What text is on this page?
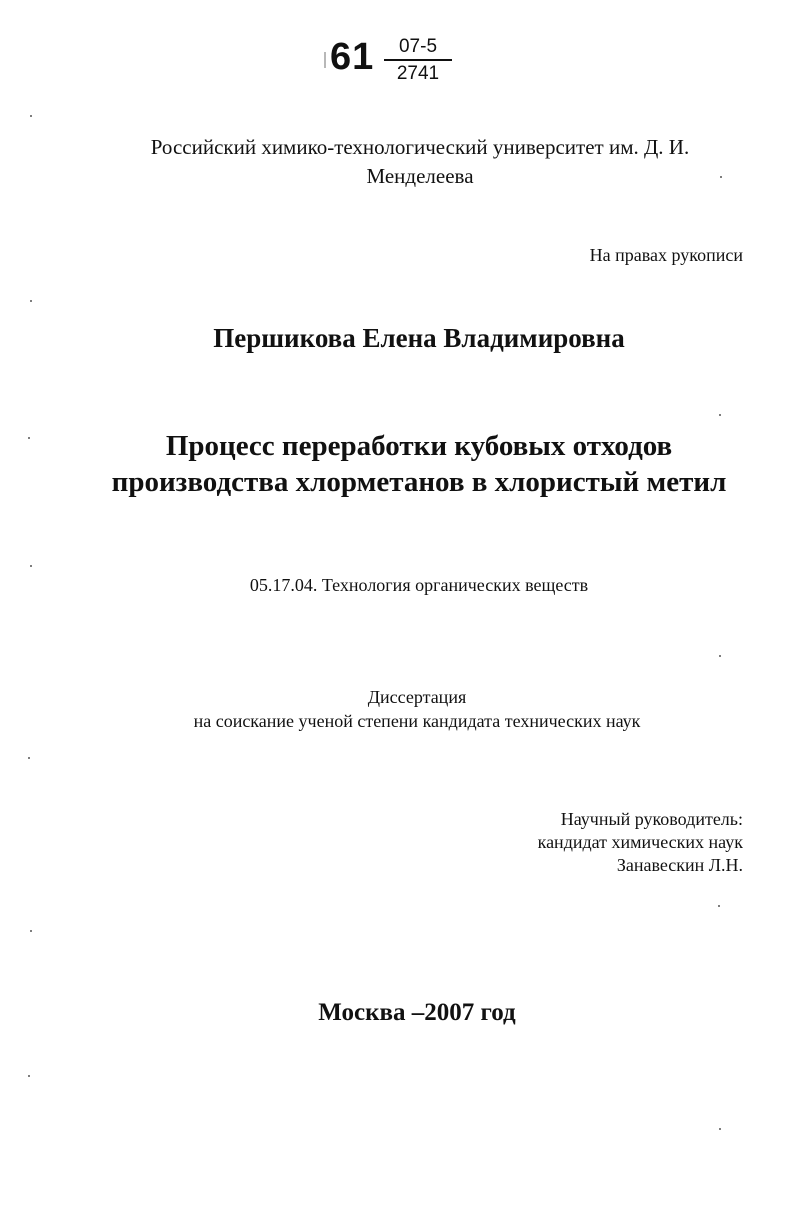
$61 \frac{07-5}{2741}$
Российский химико-технологический университет им. Д. И.
Менделеева
На правах рукописи
Першикова Елена Владимировна
Процесс переработки кубовых отходов
производства хлорметанов в хлористый метил
05.17.04. Технология органических веществ
Диссертация
на соискание ученой степени кандидата технических наук
Научный руководитель:
кандидат химических наук
Занавескин Л.Н.
Москва –2007 год
